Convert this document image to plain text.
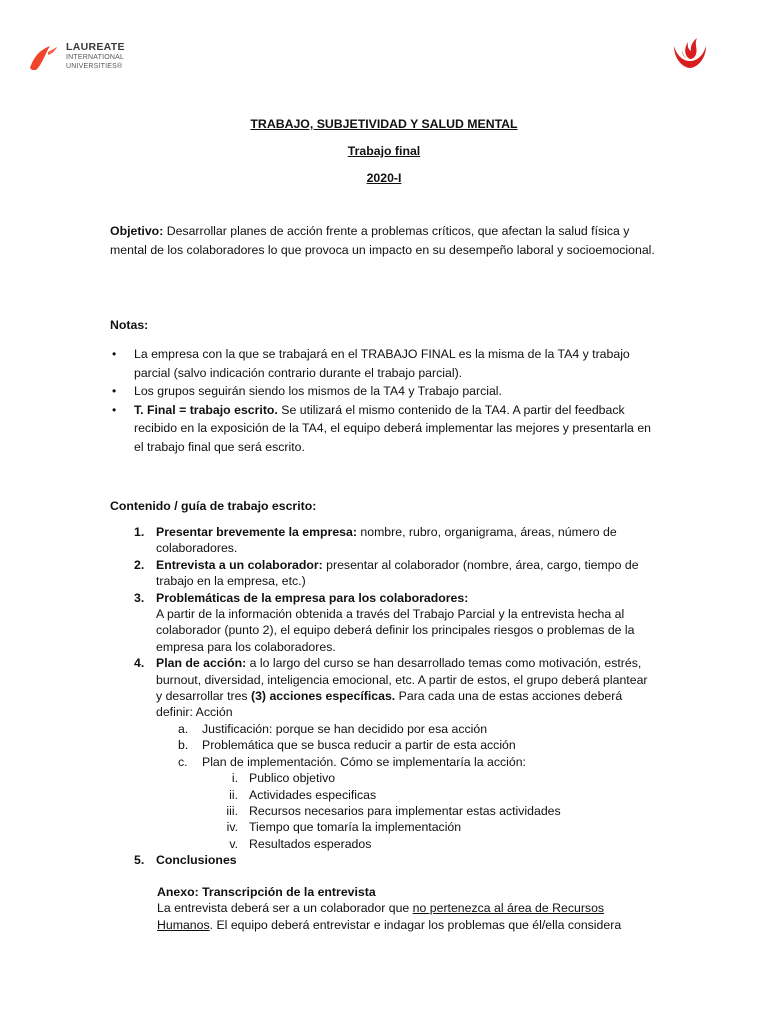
LAUREATE
INTERNATIONAL
UNIVERSITIES®
TRABAJO, SUBJETIVIDAD Y SALUD MENTAL
Trabajo final
2020-I
Objetivo: Desarrollar planes de acción frente a problemas críticos, que afectan la salud física y mental de los colaboradores lo que provoca un impacto en su desempeño laboral y socioemocional.
Notas:
• La empresa con la que se trabajará en el TRABAJO FINAL es la misma de la TA4 y trabajo parcial (salvo indicación contrario durante el trabajo parcial).
• Los grupos seguirán siendo los mismos de la TA4 y Trabajo parcial.
• T. Final = trabajo escrito. Se utilizará el mismo contenido de la TA4. A partir del feedback recibido en la exposición de la TA4, el equipo deberá implementar las mejores y presentarla en el trabajo final que será escrito.
Contenido / guía de trabajo escrito:
1. Presentar brevemente la empresa: nombre, rubro, organigrama, áreas, número de colaboradores.
2. Entrevista a un colaborador: presentar al colaborador (nombre, área, cargo, tiempo de trabajo en la empresa, etc.)
3. Problemáticas de la empresa para los colaboradores:
A partir de la información obtenida a través del Trabajo Parcial y la entrevista hecha al colaborador (punto 2), el equipo deberá definir los principales riesgos o problemas de la empresa para los colaboradores.
4. Plan de acción: a lo largo del curso se han desarrollado temas como motivación, estrés, burnout, diversidad, inteligencia emocional, etc. A partir de estos, el grupo deberá plantear y desarrollar tres (3) acciones específicas. Para cada una de estas acciones deberá definir: Acción
a. Justificación: porque se han decidido por esa acción
b. Problemática que se busca reducir a partir de esta acción
c. Plan de implementación. Cómo se implementaría la acción:
i. Publico objetivo
ii. Actividades especificas
iii. Recursos necesarios para implementar estas actividades
iv. Tiempo que tomaría la implementación
v. Resultados esperados
5. Conclusiones
Anexo: Transcripción de la entrevista
La entrevista deberá ser a un colaborador que no pertenezca al área de Recursos Humanos. El equipo deberá entrevistar e indagar los problemas que él/ella considera
